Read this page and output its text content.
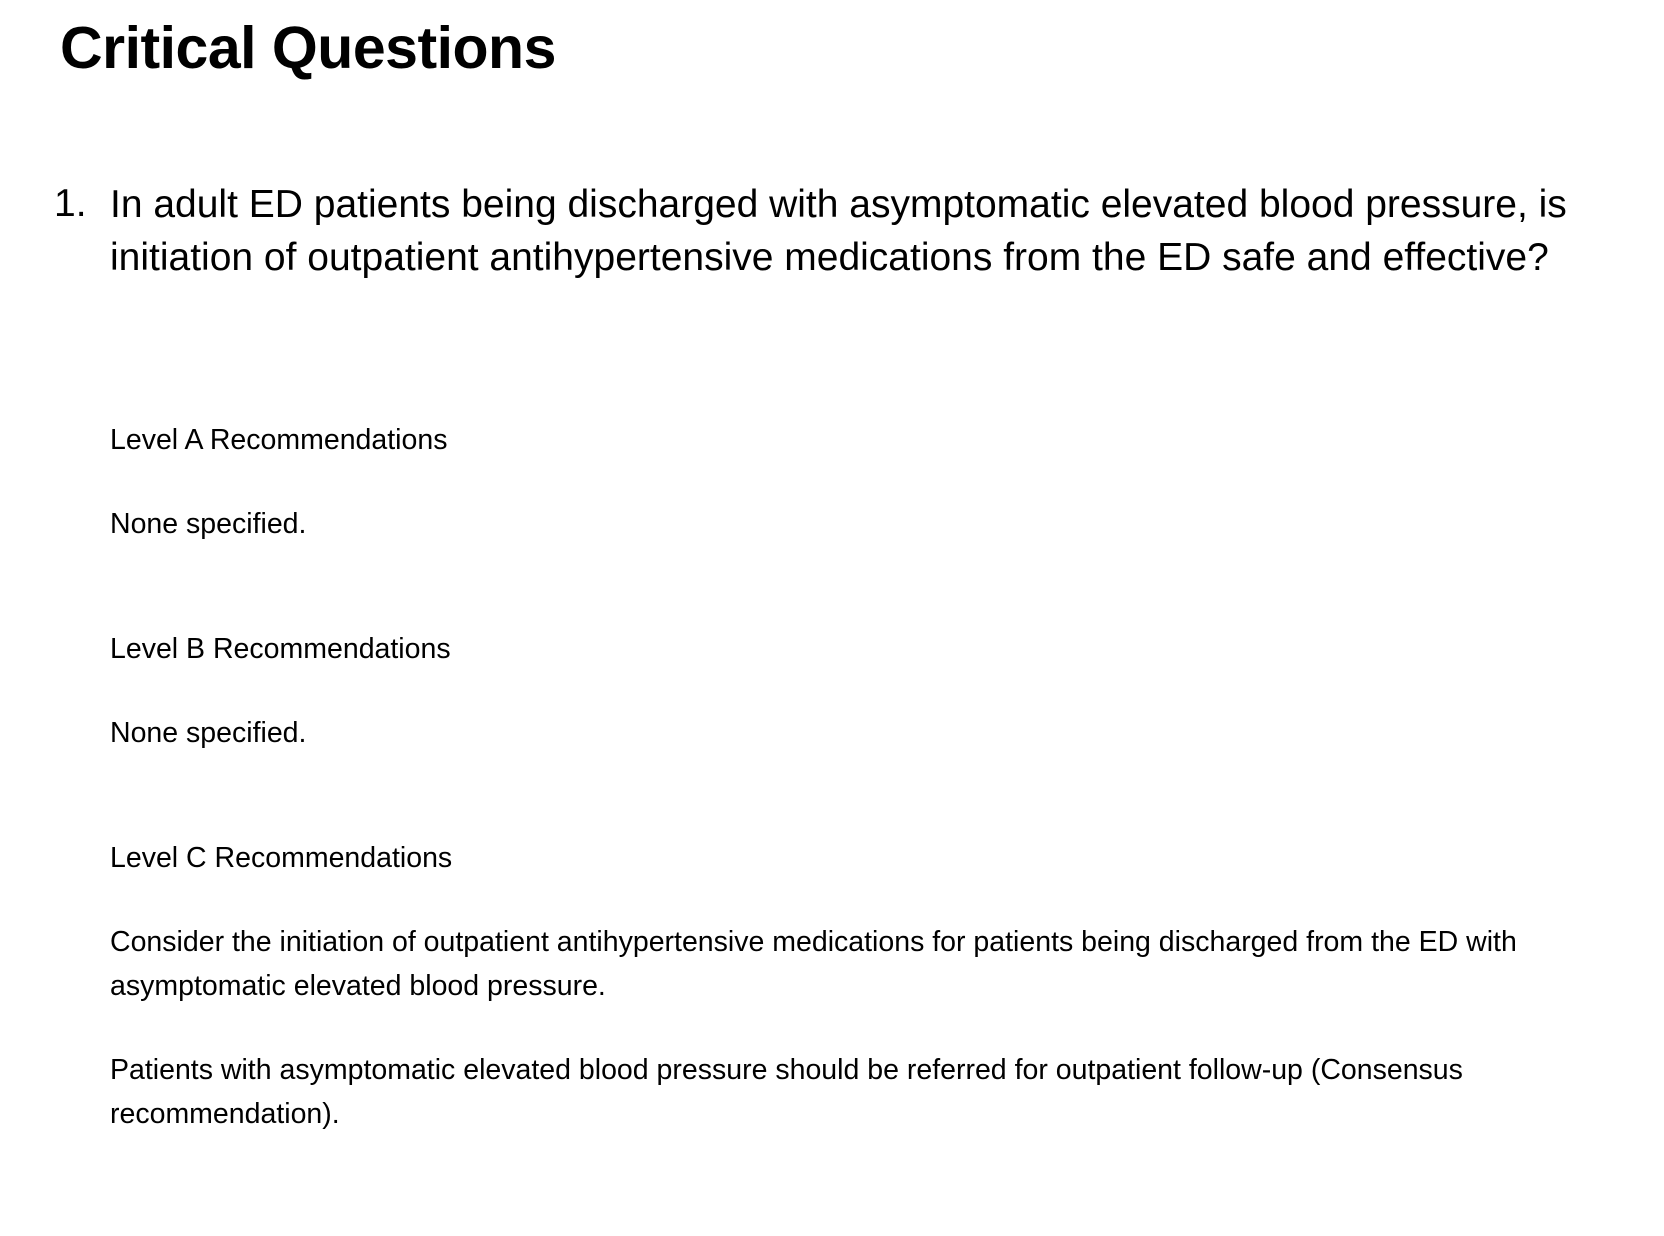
Critical Questions
1. In adult ED patients being discharged with asymptomatic elevated blood pressure, is initiation of outpatient antihypertensive medications from the ED safe and effective?

Level A Recommendations

None specified.

Level B Recommendations

None specified.

Level C Recommendations

Consider the initiation of outpatient antihypertensive medications for patients being discharged from the ED with asymptomatic elevated blood pressure.

Patients with asymptomatic elevated blood pressure should be referred for outpatient follow-up (Consensus recommendation).
